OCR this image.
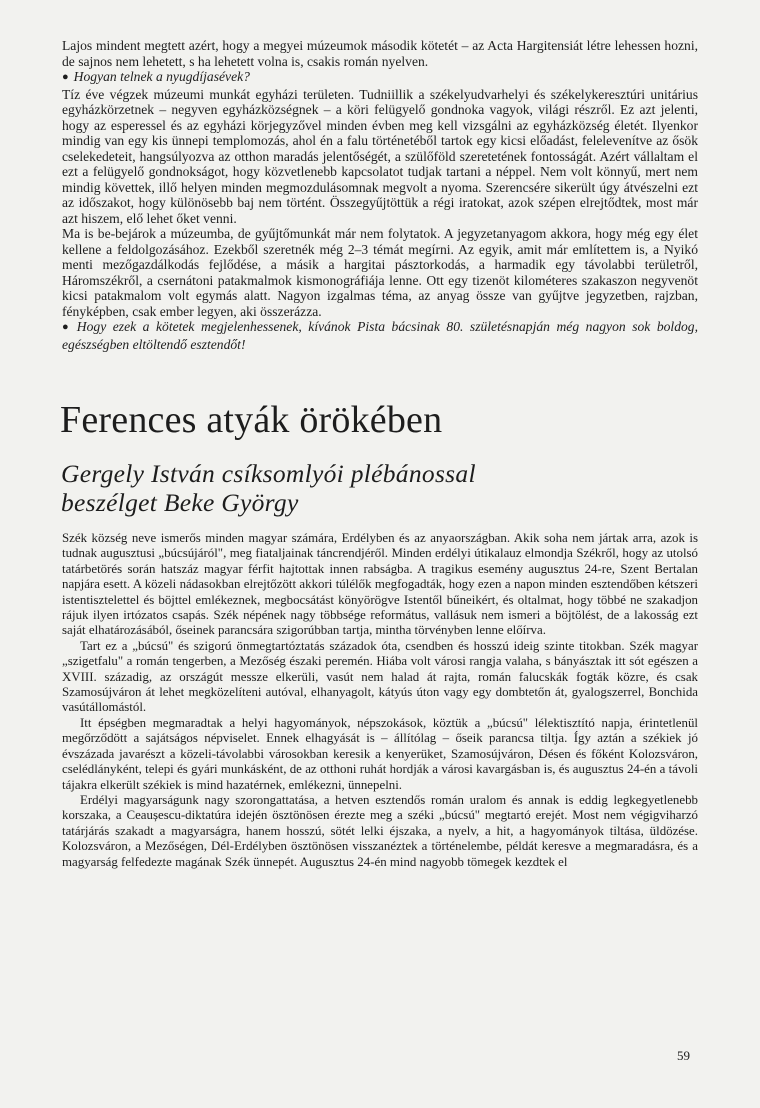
Lajos mindent megtett azért, hogy a megyei múzeumok második kötetét – az Acta Hargitensiát létre lehessen hozni, de sajnos nem lehetett, s ha lehetett volna is, csakis román nyelven.

● Hogyan telnek a nyugdíjasévek?

Tíz éve végzek múzeumi munkát egyházi területen. Tudniillik a székelyudvarhelyi és székelykeresztúri unitárius egyházkörzetnek – negyven egyházközségnek – a köri felügyelő gondnoka vagyok, világi részről. Ez azt jelenti, hogy az esperessel és az egyházi körjegyzővel minden évben meg kell vizsgálni az egyházközség életét. Ilyenkor mindig van egy kis ünnepi templomozás, ahol én a falu történetéből tartok egy kicsi előadást, felelevenítve az ősök cselekedeteit, hangsúlyozva az otthon maradás jelentőségét, a szülőföld szeretetének fontosságát. Azért vállaltam el ezt a felügyelő gondnokságot, hogy közvetlenebb kapcsolatot tudjak tartani a néppel. Nem volt könnyű, mert nem mindig követtek, illő helyen minden megmozdulásomnak megvolt a nyoma. Szerencsére sikerült úgy átvészelni ezt az időszakot, hogy különösebb baj nem történt. Összegyűjtöttük a régi iratokat, azok szépen elrejtődtek, most már azt hiszem, elő lehet őket venni.

Ma is be-bejárok a múzeumba, de gyűjtőmunkát már nem folytatok. A jegyzetanyagom akkora, hogy még egy élet kellene a feldolgozásához. Ezekből szeretnék még 2–3 témát megírni. Az egyik, amit már említettem is, a Nyikó menti mezőgazdálkodás fejlődése, a másik a hargitai pásztorkodás, a harmadik egy távolabbi területről, Háromszékről, a csernátoni patakmalmok kismonográfiája lenne. Ott egy tizenöt kilométeres szakaszon negyvenöt kicsi patakmalom volt egymás alatt. Nagyon izgalmas téma, az anyag össze van gyűjtve jegyzetben, rajzban, fényképben, csak ember legyen, aki összerázza.

● Hogy ezek a kötetek megjelenhessenek, kívánok Pista bácsinak 80. születésnapján még nagyon sok boldog, egészségben eltöltendő esztendőt!

Ferences atyák örökében
Gergely István csíksomlyói plébánossal
beszélget Beke György

Szék község neve ismerős minden magyar számára, Erdélyben és az anyaországban. Akik soha nem jártak arra, azok is tudnak augusztusi „búcsújáról", meg fiataljainak táncrendjéről. Minden erdélyi útikalauz elmondja Székről, hogy az utolsó tatárbetörés során hatszáz magyar férfit hajtottak innen rabságba. A tragikus esemény augusztus 24-re, Szent Bertalan napjára esett. A közeli nádasokban elrejtőzött akkori túlélők megfogadták, hogy ezen a napon minden esztendőben kétszeri istentisztelettel és böjttel emlékeznek, megbocsátást könyörögve Istentől bűneikért, és oltalmat, hogy többé ne szakadjon rájuk ilyen irtózatos csapás. Szék népének nagy többsége református, vallásuk nem ismeri a böjtölést, de a lakosság ezt saját elhatározásából, őseinek parancsára szigorúbban tartja, mintha törvényben lenne előírva.

Tart ez a „búcsú" és szigorú önmegtartóztatás századok óta, csendben és hosszú ideig szinte titokban. Szék magyar „szigetfalu" a román tengerben, a Mezőség északi peremén. Hiába volt városi rangja valaha, s bányásztak itt sót egészen a XVIII. századig, az országút messze elkerüli, vasút nem halad át rajta, román falucskák fogták közre, és csak Szamosújváron át lehet megközelíteni autóval, elhanyagolt, kátyús úton vagy egy dombtetőn át, gyalogszerrel, Bonchida vasútállomástól.

Itt épségben megmaradtak a helyi hagyományok, népszokások, köztük a „búcsú" lélektisztító napja, érintetlenül megőrződött a sajátságos népviselet. Ennek elhagyását is – állítólag – őseik parancsa tiltja. Így aztán a székiek jó évszázada javarészt a közeli-távolabbi városokban keresik a kenyerüket, Szamosújváron, Désen és főként Kolozsváron, cselédlányként, telepi és gyári munkásként, de az otthoni ruhát hordják a városi kavargásban is, és augusztus 24-én a távoli tájakra elkerült székiek is mind hazatérnek, emlékezni, ünnepelni.

Erdélyi magyarságunk nagy szorongattatása, a hetven esztendős román uralom és annak is eddig legkegyetlenebb korszaka, a Ceaușescu-diktatúra idején ösztönösen érezte meg a széki „búcsú" megtartó erejét. Most nem végigviharzó tatárjárás szakadt a magyarságra, hanem hosszú, sötét lelki éjszaka, a nyelv, a hit, a hagyományok tiltása, üldözése. Kolozsváron, a Mezőségen, Dél-Erdélyben ösztönösen visszanéztek a történelembe, példát keresve a megmaradásra, és a magyarság felfedezte magának Szék ünnepét. Augusztus 24-én mind nagyobb tömegek kezdtek el

59
